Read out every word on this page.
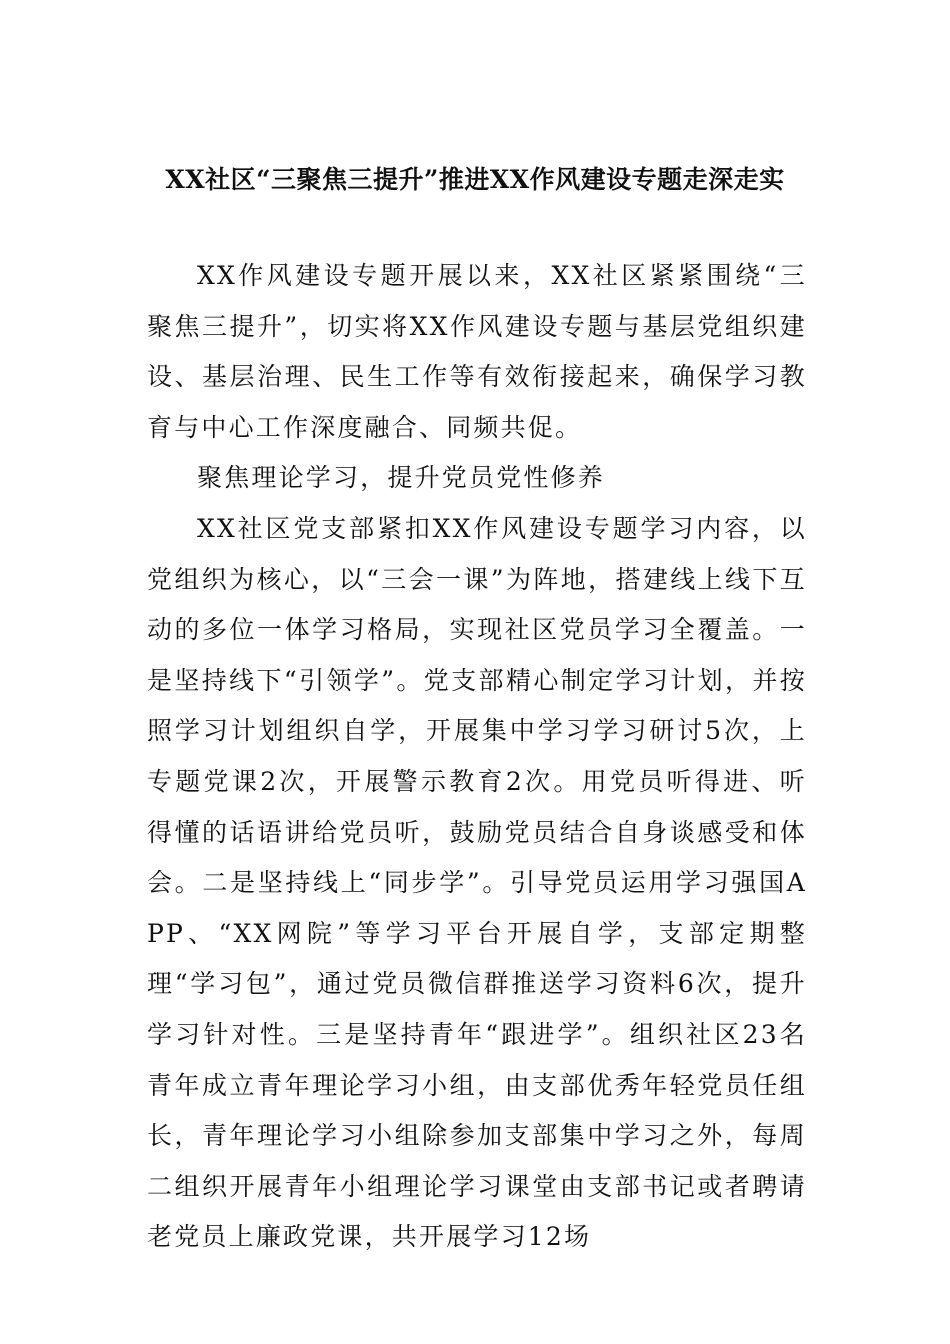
XX社区“三聚焦三提升”推进XX作风建设专题走深走实

XX作风建设专题开展以来，XX社区紧紧围绕“三聚焦三提升”，切实将XX作风建设专题与基层党组织建设、基层治理、民生工作等有效衔接起来，确保学习教育与中心工作深度融合、同频共促。

聚焦理论学习，提升党员党性修养

XX社区党支部紧扣XX作风建设专题学习内容，以党组织为核心，以“三会一课”为阵地，搭建线上线下互动的多位一体学习格局，实现社区党员学习全覆盖。一是坚持线下“引领学”。党支部精心制定学习计划，并按照学习计划组织自学，开展集中学习学习研讨5次，上专题党课2次，开展警示教育2次。用党员听得进、听得懂的话语讲给党员听，鼓励党员结合自身谈感受和体会。二是坚持线上“同步学”。引导党员运用学习强国APP、“XX网院”等学习平台开展自学，支部定期整理“学习包”，通过党员微信群推送学习资料6次，提升学习针对性。三是坚持青年“跟进学”。组织社区23名青年成立青年理论学习小组，由支部优秀年轻党员任组长，青年理论学习小组除参加支部集中学习之外，每周二组织开展青年小组理论学习课堂由支部书记或者聘请老党员上廉政党课，共开展学习12场
